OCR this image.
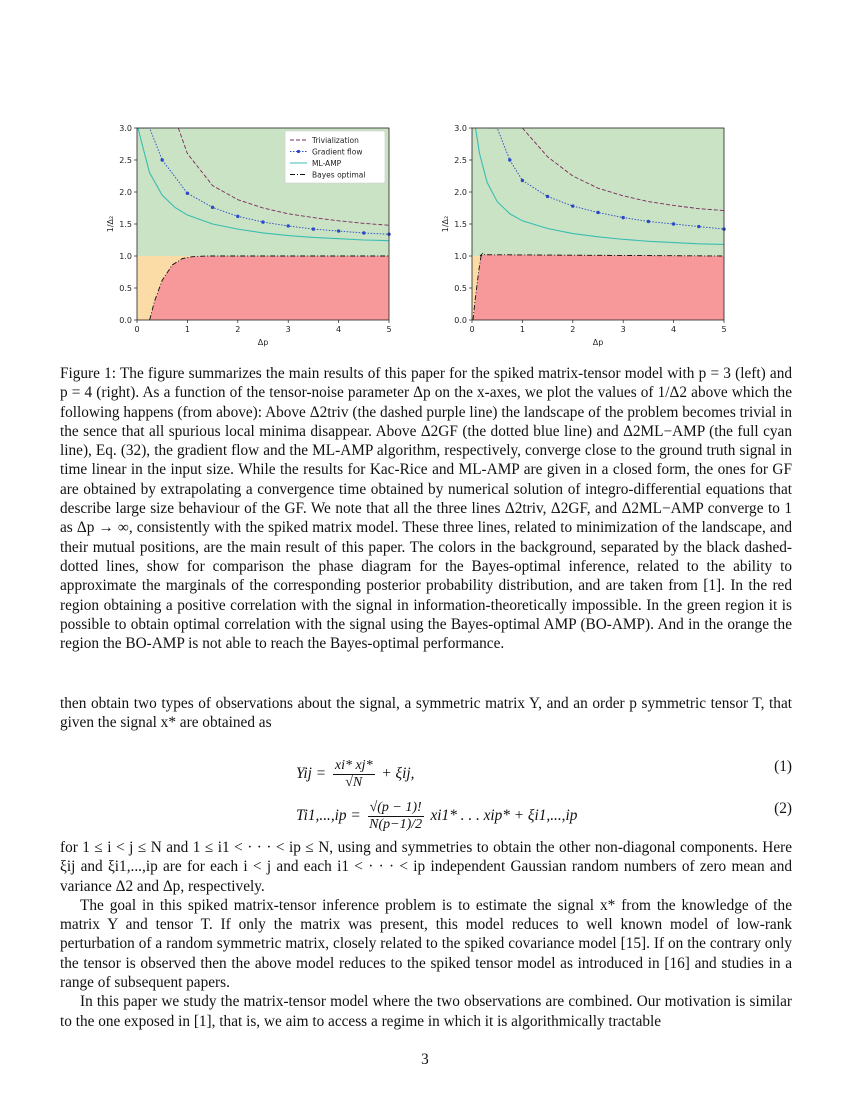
0	1	2	3	4	5
0.0
0.5
1.0
1.5
2.0
2.5
3.0
Δp
1/Δ₂
Trivialization
Gradient flow
ML-AMP
Bayes optimal
0	1	2	3	4	5
0.0
0.5
1.0
1.5
2.0
2.5
3.0
Δp
1/Δ₂

Figure 1: The figure summarizes the main results of this paper for the spiked matrix-tensor model with p = 3 (left) and p = 4 (right). As a function of the tensor-noise parameter Δp on the x-axes, we plot the values of 1/Δ2 above which the following happens (from above): Above Δ2triv (the dashed purple line) the landscape of the problem becomes trivial in the sence that all spurious local minima disappear. Above Δ2GF (the dotted blue line) and Δ2ML−AMP (the full cyan line), Eq. (32), the gradient flow and the ML-AMP algorithm, respectively, converge close to the ground truth signal in time linear in the input size. While the results for Kac-Rice and ML-AMP are given in a closed form, the ones for GF are obtained by extrapolating a convergence time obtained by numerical solution of integro-differential equations that describe large size behaviour of the GF. We note that all the three lines Δ2triv, Δ2GF, and Δ2ML−AMP converge to 1 as Δp → ∞, consistently with the spiked matrix model. These three lines, related to minimization of the landscape, and their mutual positions, are the main result of this paper. The colors in the background, separated by the black dashed-dotted lines, show for comparison the phase diagram for the Bayes-optimal inference, related to the ability to approximate the marginals of the corresponding posterior probability distribution, and are taken from [1]. In the red region obtaining a positive correlation with the signal in information-theoretically impossible. In the green region it is possible to obtain optimal correlation with the signal using the Bayes-optimal AMP (BO-AMP). And in the orange the region the BO-AMP is not able to reach the Bayes-optimal performance.

then obtain two types of observations about the signal, a symmetric matrix Y, and an order p symmetric tensor T, that given the signal x* are obtained as

Yij = $\frac{xi* xj*}{√N} + \xi ij$,	(1)
$Ti1,...,ip = \frac{√(p - 1)!}{N(p-1)/2} xi1*$ . . . xip* + ξi1,...,ip	(2)

for 1 ≤ i < j ≤ N and 1 ≤ i1 < · · · < ip ≤ N, using and symmetries to obtain the other non-diagonal components. Here ξij and ξi1,...,ip are for each i < j and each i1 < · · · < ip independent Gaussian random numbers of zero mean and variance Δ2 and Δp, respectively.

The goal in this spiked matrix-tensor inference problem is to estimate the signal x* from the knowledge of the matrix Y and tensor T. If only the matrix was present, this model reduces to well known model of low-rank perturbation of a random symmetric matrix, closely related to the spiked covariance model [15]. If on the contrary only the tensor is observed then the above model reduces to the spiked tensor model as introduced in [16] and studies in a range of subsequent papers.

In this paper we study the matrix-tensor model where the two observations are combined. Our motivation is similar to the one exposed in [1], that is, we aim to access a regime in which it is algorithmically tractable

3
